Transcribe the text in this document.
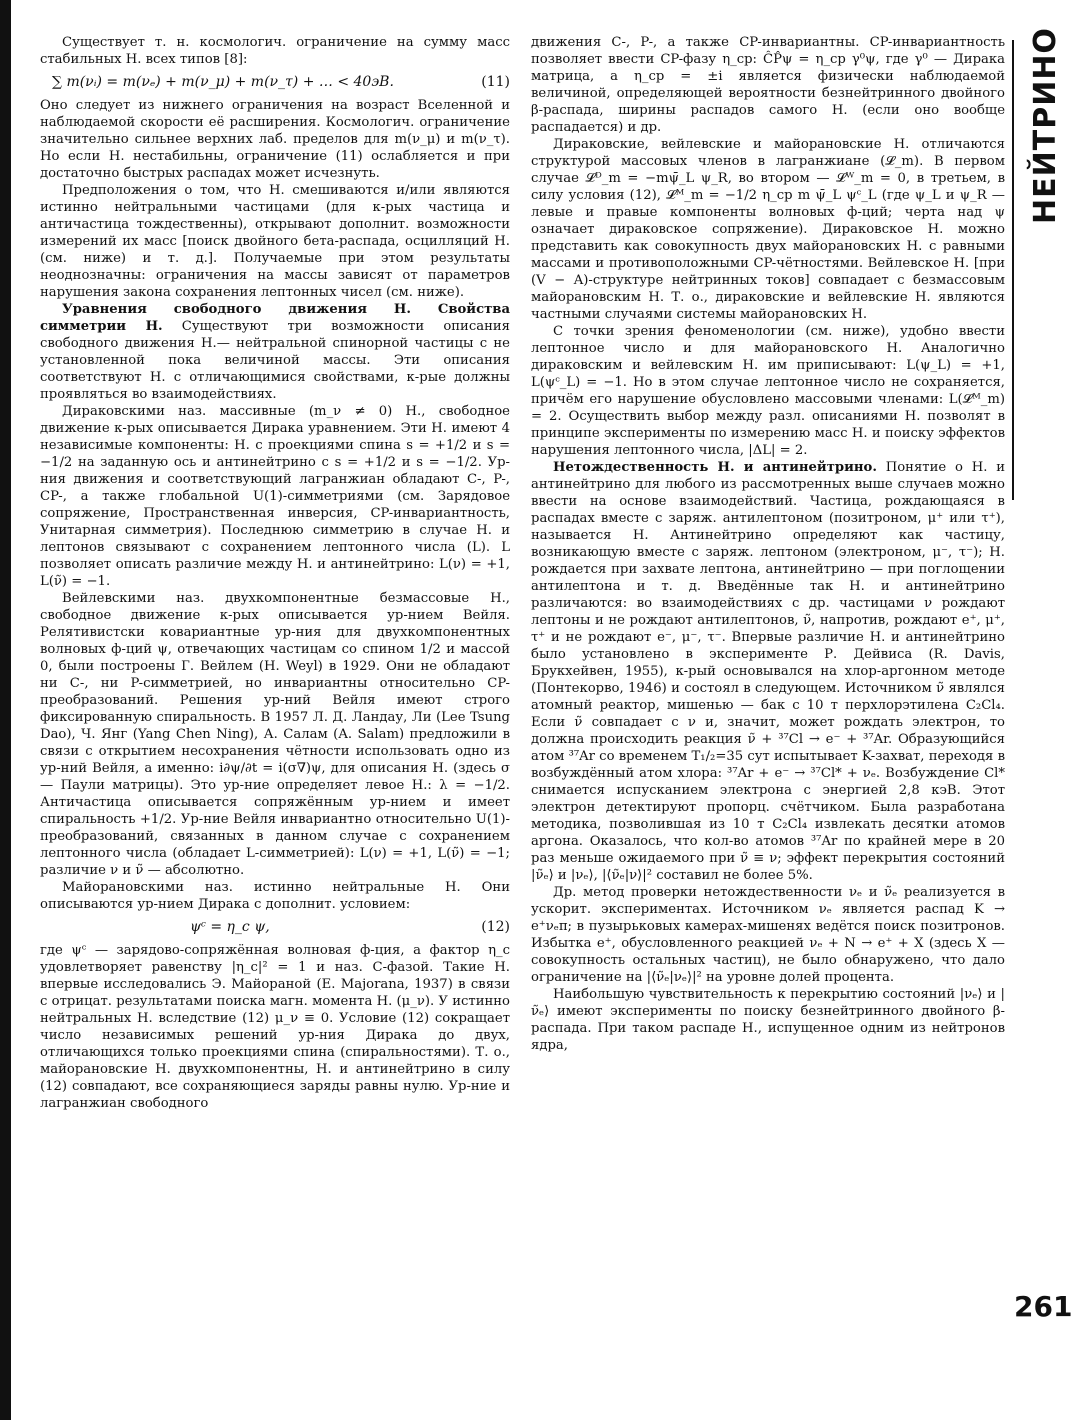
Существует т. н. космологич. ограничение на сумму масс стабильных Н. всех типов [8]:

∑ m(νᵢ) = m(νₑ) + m(ν_μ) + m(ν_τ) + … < 40эВ.	(11)

Оно следует из нижнего ограничения на возраст Вселенной и наблюдаемой скорости её расширения. Космологич. ограничение значительно сильнее верхних лаб. пределов для m(ν_μ) и m(ν_τ). Но если Н. нестабильны, ограничение (11) ослабляется и при достаточно быстрых распадах может исчезнуть.

Предположения о том, что Н. смешиваются и/или являются истинно нейтральными частицами (для к-рых частица и античастица тождественны), открывают дополнит. возможности измерений их масс [поиск двойного бета-распада, осцилляций Н. (см. ниже) и т. д.]. Получаемые при этом результаты неоднозначны: ограничения на массы зависят от параметров нарушения закона сохранения лептонных чисел (см. ниже).

Уравнения свободного движения Н. Свойства симметрии Н. Существуют три возможности описания свободного движения Н.— нейтральной спинорной частицы с не установленной пока величиной массы. Эти описания соответствуют Н. с отличающимися свойствами, к-рые должны проявляться во взаимодействиях.

Дираковскими наз. массивные (m_ν ≠ 0) Н., свободное движение к-рых описывается Дирака уравнением. Эти Н. имеют 4 независимые компоненты: Н. с проекциями спина s = +1/2 и s = −1/2 на заданную ось и антинейтрино с s = +1/2 и s = −1/2. Ур-ния движения и соответствующий лагранжиан обладают C-, P-, CP-, а также глобальной U(1)-симметриями (см. Зарядовое сопряжение, Пространственная инверсия, CP-инвариантность, Унитарная симметрия). Последнюю симметрию в случае Н. и лептонов связывают с сохранением лептонного числа (L). L позволяет описать различие между Н. и антинейтрино: L(ν) = +1, L(ν̃) = −1.

Вейлевскими наз. двухкомпонентные безмассовые Н., свободное движение к-рых описывается ур-нием Вейля. Релятивистски ковариантные ур-ния для двухкомпонентных волновых ф-ций ψ, отвечающих частицам со спином 1/2 и массой 0, были построены Г. Вейлем (H. Weyl) в 1929. Они не обладают ни C-, ни P-симметрией, но инвариантны относительно CP-преобразований. Решения ур-ний Вейля имеют строго фиксированную спиральность. В 1957 Л. Д. Ландау, Ли (Lee Tsung Dao), Ч. Янг (Yang Chen Ning), А. Салам (A. Salam) предложили в связи с открытием несохранения чётности использовать одно из ур-ний Вейля, а именно: i∂ψ/∂t = i(σ∇)ψ, для описания Н. (здесь σ — Паули матрицы). Это ур-ние определяет левое Н.: λ = −1/2. Античастица описывается сопряжённым ур-нием и имеет спиральность +1/2. Ур-ние Вейля инвариантно относительно U(1)-преобразований, связанных в данном случае с сохранением лептонного числа (обладает L-симметрией): L(ν) = +1, L(ν̃) = −1; различие ν и ν̃ — абсолютно.

Майорановскими наз. истинно нейтральные Н. Они описываются ур-нием Дирака с дополнит. условием:

ψᶜ = η_c ψ,	(12)

где ψᶜ — зарядово-сопряжённая волновая ф-ция, а фактор η_c удовлетворяет равенству |η_c|² = 1 и наз. C-фазой. Такие Н. впервые исследовались Э. Майораной (E. Majorana, 1937) в связи с отрицат. результатами поиска магн. момента Н. (μ_ν). У истинно нейтральных Н. вследствие (12) μ_ν ≡ 0. Условие (12) сокращает число независимых решений ур-ния Дирака до двух, отличающихся только проекциями спина (спиральностями). Т. о., майорановские Н. двухкомпонентны, Н. и антинейтрино в силу (12) совпадают, все сохраняющиеся заряды равны нулю. Ур-ние и лагранжиан свободного

движения C-, P-, а также CP-инвариантны. CP-инвариантность позволяет ввести CP-фазу η_cp: ĈP̂ψ = η_cp γ⁰ψ, где γ⁰ — Дирака матрица, а η_cp = ±i является физически наблюдаемой величиной, определяющей вероятности безнейтринного двойного β-распада, ширины распадов самого Н. (если оно вообще распадается) и др.

Дираковские, вейлевские и майорановские Н. отличаются структурой массовых членов в лагранжиане (𝓛_m). В первом случае 𝓛ᴰ_m = −mψ̄_L ψ_R, во втором — 𝓛ᵂ_m = 0, в третьем, в силу условия (12), 𝓛ᴹ_m = −1/2 η_cp m ψ̄_L ψᶜ_L (где ψ_L и ψ_R — левые и правые компоненты волновых ф-ций; черта над ψ означает дираковское сопряжение). Дираковское Н. можно представить как совокупность двух майорановских Н. с равными массами и противоположными CP-чётностями. Вейлевское Н. [при (V − A)-структуре нейтринных токов] совпадает с безмассовым майорановским Н. Т. о., дираковские и вейлевские Н. являются частными случаями системы майорановских Н.

С точки зрения феноменологии (см. ниже), удобно ввести лептонное число и для майорановского Н. Аналогично дираковским и вейлевским Н. им приписывают: L(ψ_L) = +1, L(ψᶜ_L) = −1. Но в этом случае лептонное число не сохраняется, причём его нарушение обусловлено массовыми членами: L(𝓛ᴹ_m) = 2. Осуществить выбор между разл. описаниями Н. позволят в принципе эксперименты по измерению масс Н. и поиску эффектов нарушения лептонного числа, |ΔL| = 2.

Нетождественность Н. и антинейтрино. Понятие о Н. и антинейтрино для любого из рассмотренных выше случаев можно ввести на основе взаимодействий. Частица, рождающаяся в распадах вместе с заряж. антилептоном (позитроном, μ⁺ или τ⁺), называется Н. Антинейтрино определяют как частицу, возникающую вместе с заряж. лептоном (электроном, μ⁻, τ⁻); Н. рождается при захвате лептона, антинейтрино — при поглощении антилептона и т. д. Введённые так Н. и антинейтрино различаются: во взаимодействиях с др. частицами ν рождают лептоны и не рождают антилептонов, ν̃, напротив, рождают e⁺, μ⁺, τ⁺ и не рождают e⁻, μ⁻, τ⁻. Впервые различие Н. и антинейтрино было установлено в эксперименте Р. Дейвиса (R. Davis, Брукхейвен, 1955), к-рый основывался на хлор-аргонном методе (Понтекорво, 1946) и состоял в следующем. Источником ν̃ являлся атомный реактор, мишенью — бак с 10 т перхлорэтилена C₂Cl₄. Если ν̃ совпадает с ν и, значит, может рождать электрон, то должна происходить реакция ν̃ + ³⁷Cl → e⁻ + ³⁷Ar. Образующийся атом ³⁷Ar со временем T₁/₂=35 сут испытывает K-захват, переходя в возбуждённый атом хлора: ³⁷Ar + e⁻ → ³⁷Cl* + νₑ. Возбуждение Cl* снимается испусканием электрона с энергией 2,8 кэВ. Этот электрон детектируют пропорц. счётчиком. Была разработана методика, позволившая из 10 т C₂Cl₄ извлекать десятки атомов аргона. Оказалось, что кол-во атомов ³⁷Ar по крайней мере в 20 раз меньше ожидаемого при ν̃ ≡ ν; эффект перекрытия состояний |ν̃ₑ⟩ и |νₑ⟩, |⟨ν̃ₑ|ν⟩|² составил не более 5%.

Др. метод проверки нетождественности νₑ и ν̃ₑ реализуется в ускорит. экспериментах. Источником νₑ является распад K → e⁺νₑπ; в пузырьковых камерах-мишенях ведётся поиск позитронов. Избытка e⁺, обусловленного реакцией νₑ + N → e⁺ + X (здесь X — совокупность остальных частиц), не было обнаружено, что дало ограничение на |⟨ν̃ₑ|νₑ⟩|² на уровне долей процента.

Наибольшую чувствительность к перекрытию состояний |νₑ⟩ и |ν̃ₑ⟩ имеют эксперименты по поиску безнейтринного двойного β-распада. При таком распаде Н., испущенное одним из нейтронов ядра,

НЕЙТРИНО
261
